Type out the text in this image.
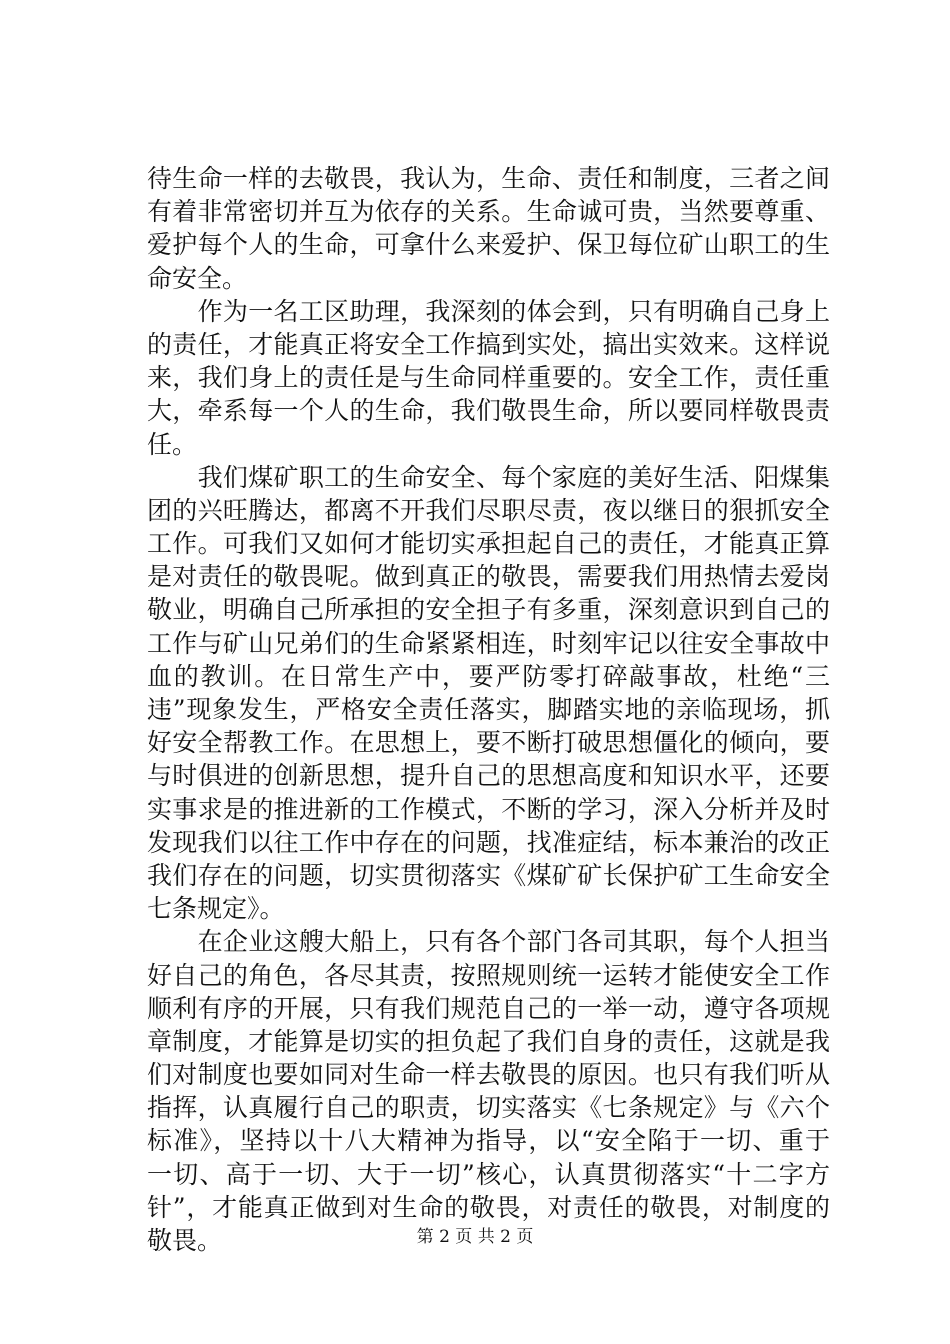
待生命一样的去敬畏，我认为，生命、责任和制度，三者之间
有着非常密切并互为依存的关系。生命诚可贵，当然要尊重、
爱护每个人的生命，可拿什么来爱护、保卫每位矿山职工的生
命安全。
　　作为一名工区助理，我深刻的体会到，只有明确自己身上
的责任，才能真正将安全工作搞到实处，搞出实效来。这样说
来，我们身上的责任是与生命同样重要的。安全工作，责任重
大，牵系每一个人的生命，我们敬畏生命，所以要同样敬畏责
任。
　　我们煤矿职工的生命安全、每个家庭的美好生活、阳煤集
团的兴旺腾达，都离不开我们尽职尽责，夜以继日的狠抓安全
工作。可我们又如何才能切实承担起自己的责任，才能真正算
是对责任的敬畏呢。做到真正的敬畏，需要我们用热情去爱岗
敬业，明确自己所承担的安全担子有多重，深刻意识到自己的
工作与矿山兄弟们的生命紧紧相连，时刻牢记以往安全事故中
血的教训。在日常生产中，要严防零打碎敲事故，杜绝“三
违”现象发生，严格安全责任落实，脚踏实地的亲临现场，抓
好安全帮教工作。在思想上，要不断打破思想僵化的倾向，要
与时俱进的创新思想，提升自己的思想高度和知识水平，还要
实事求是的推进新的工作模式，不断的学习，深入分析并及时
发现我们以往工作中存在的问题，找准症结，标本兼治的改正
我们存在的问题，切实贯彻落实《煤矿矿长保护矿工生命安全
七条规定》。
　　在企业这艘大船上，只有各个部门各司其职，每个人担当
好自己的角色，各尽其责，按照规则统一运转才能使安全工作
顺利有序的开展，只有我们规范自己的一举一动，遵守各项规
章制度，才能算是切实的担负起了我们自身的责任，这就是我
们对制度也要如同对生命一样去敬畏的原因。也只有我们听从
指挥，认真履行自己的职责，切实落实《七条规定》与《六个
标准》，坚持以十八大精神为指导，以“安全陷于一切、重于
一切、高于一切、大于一切”核心，认真贯彻落实“十二字方
针”，才能真正做到对生命的敬畏，对责任的敬畏，对制度的
敬畏。	第 2 页 共 2 页
